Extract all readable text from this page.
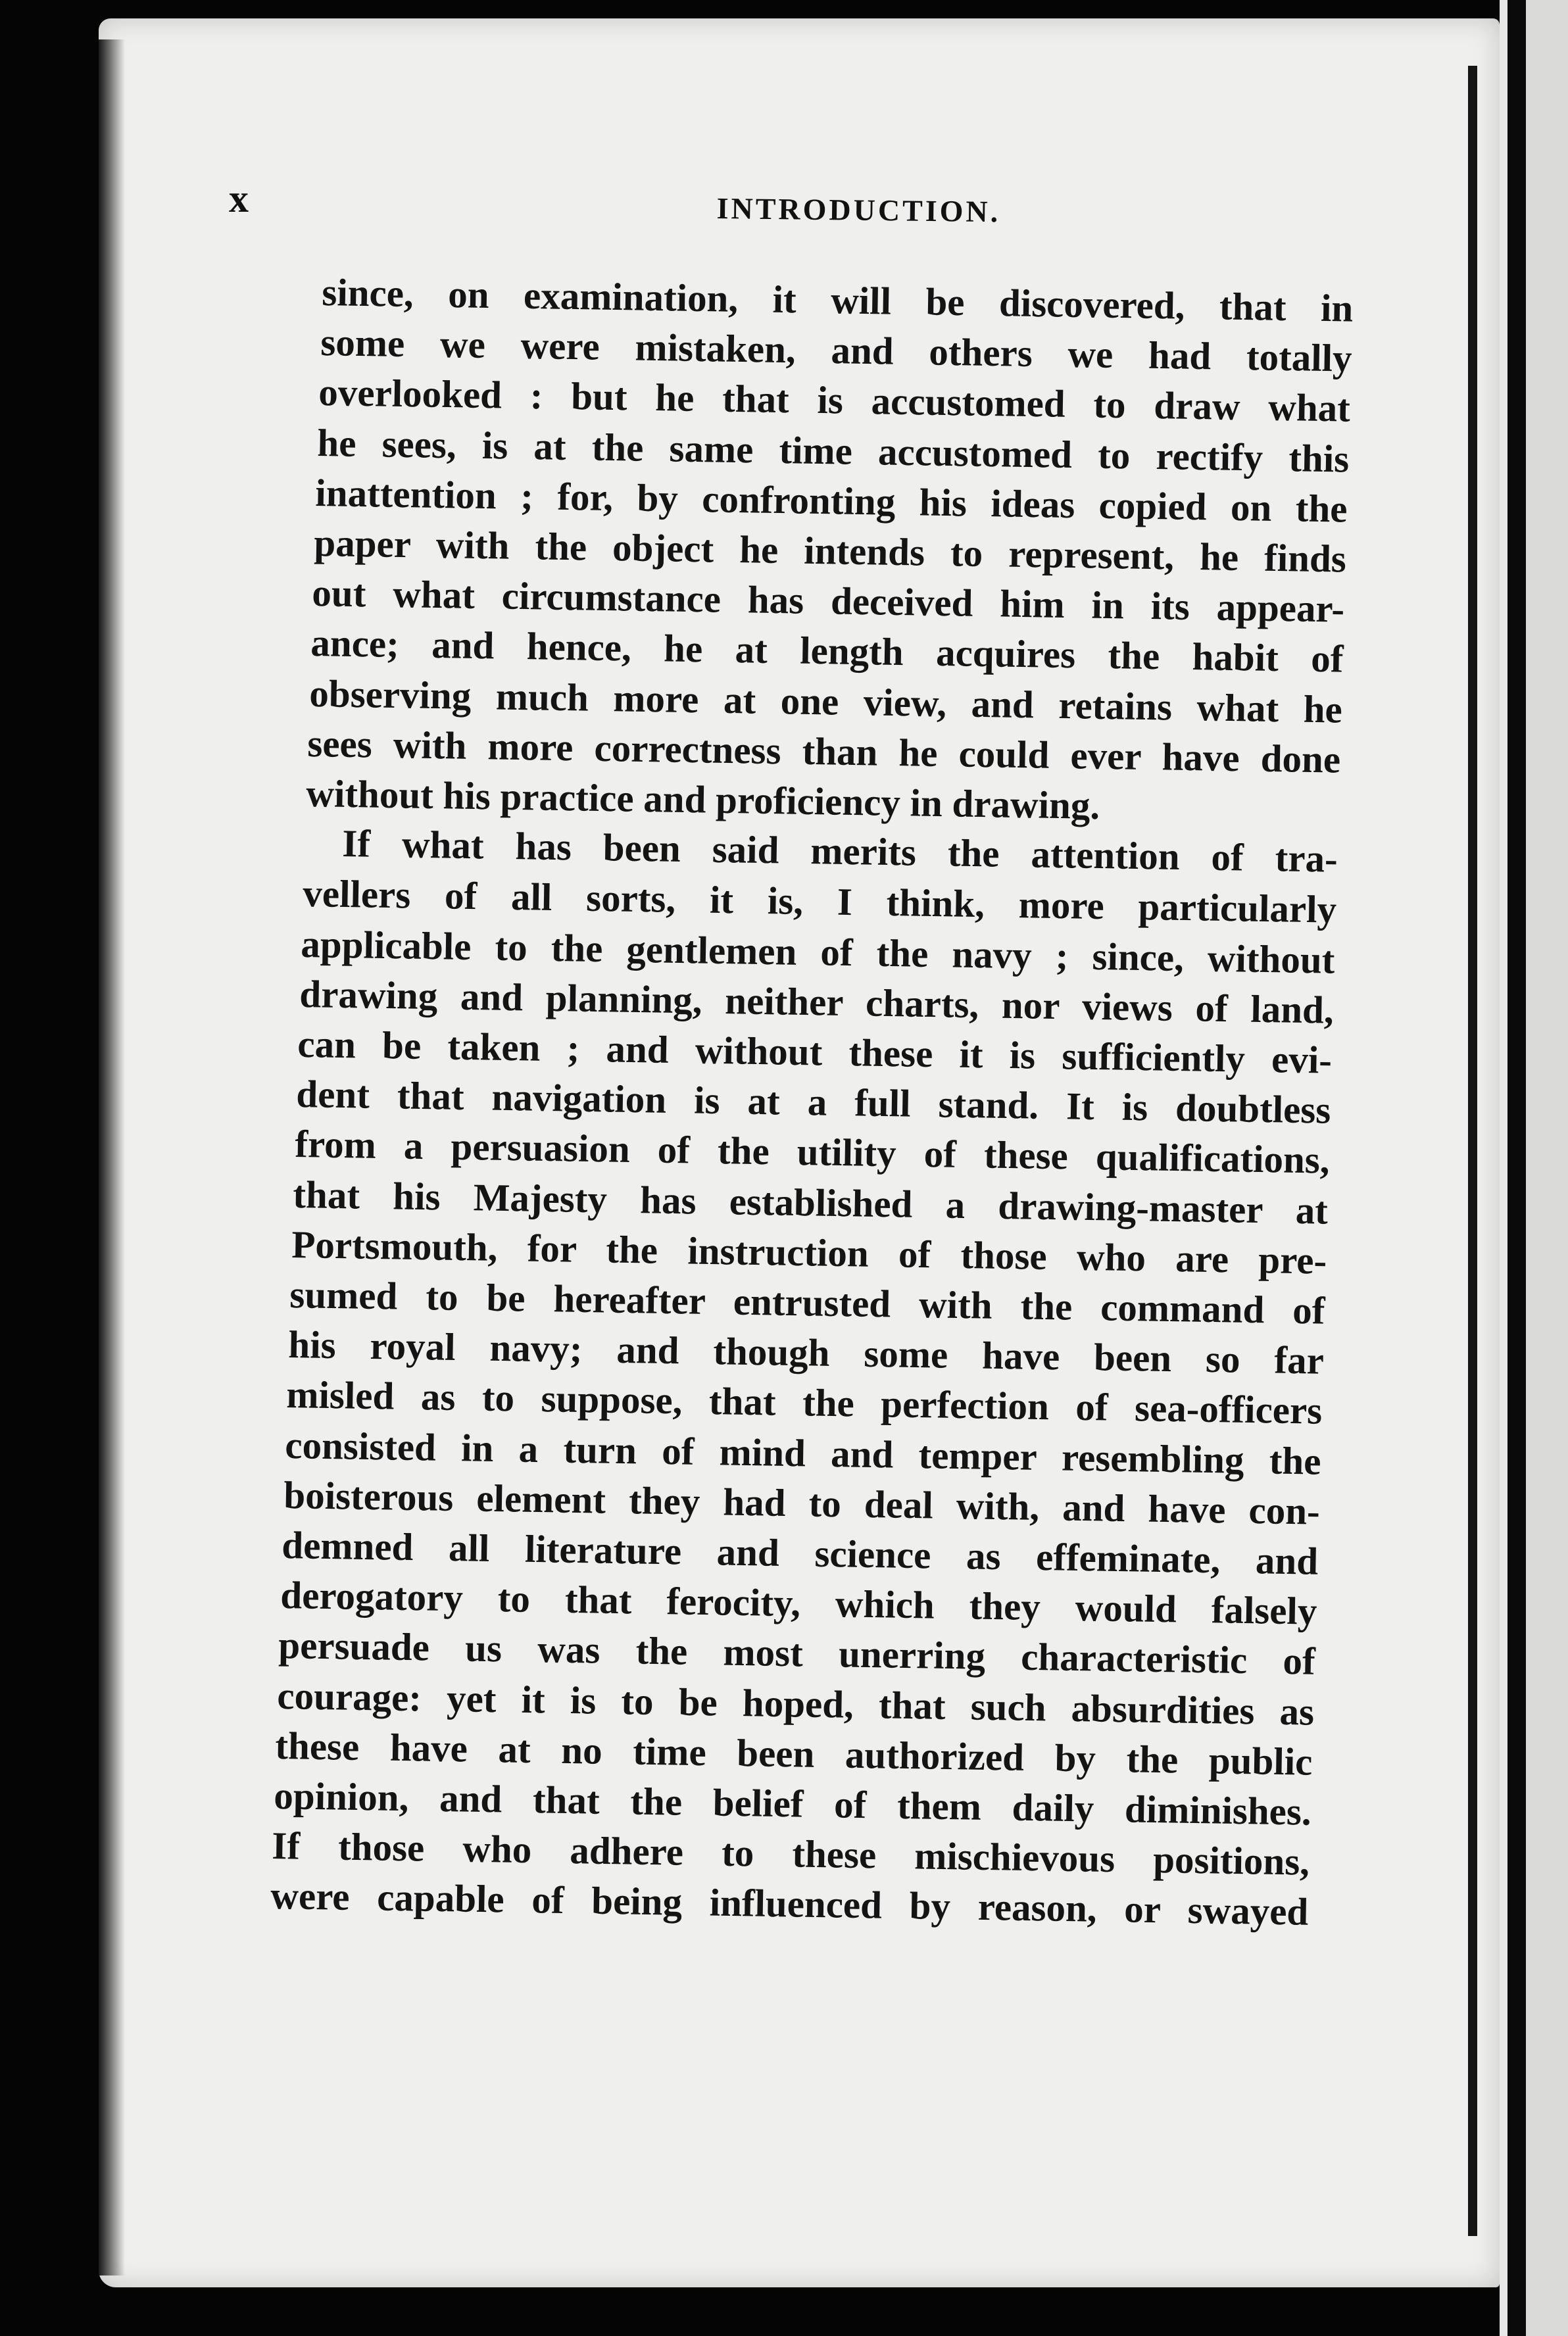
x	INTRODUCTION.
since, on examination, it will be discovered, that in
some we were mistaken, and others we had totally
overlooked : but he that is accustomed to draw what
he sees, is at the same time accustomed to rectify this
inattention ; for, by confronting his ideas copied on the
paper with the object he intends to represent, he finds
out what circumstance has deceived him in its appear-
ance; and hence, he at length acquires the habit of
observing much more at one view, and retains what he
sees with more correctness than he could ever have done
without his practice and proficiency in drawing.
If what has been said merits the attention of tra-
vellers of all sorts, it is, I think, more particularly
applicable to the gentlemen of the navy ; since, without
drawing and planning, neither charts, nor views of land,
can be taken ; and without these it is sufficiently evi-
dent that navigation is at a full stand. It is doubtless
from a persuasion of the utility of these qualifications,
that his Majesty has established a drawing-master at
Portsmouth, for the instruction of those who are pre-
sumed to be hereafter entrusted with the command of
his royal navy; and though some have been so far
misled as to suppose, that the perfection of sea-officers
consisted in a turn of mind and temper resembling the
boisterous element they had to deal with, and have con-
demned all literature and science as effeminate, and
derogatory to that ferocity, which they would falsely
persuade us was the most unerring characteristic of
courage: yet it is to be hoped, that such absurdities as
these have at no time been authorized by the public
opinion, and that the belief of them daily diminishes.
If those who adhere to these mischievous positions,
were capable of being influenced by reason, or swayed
